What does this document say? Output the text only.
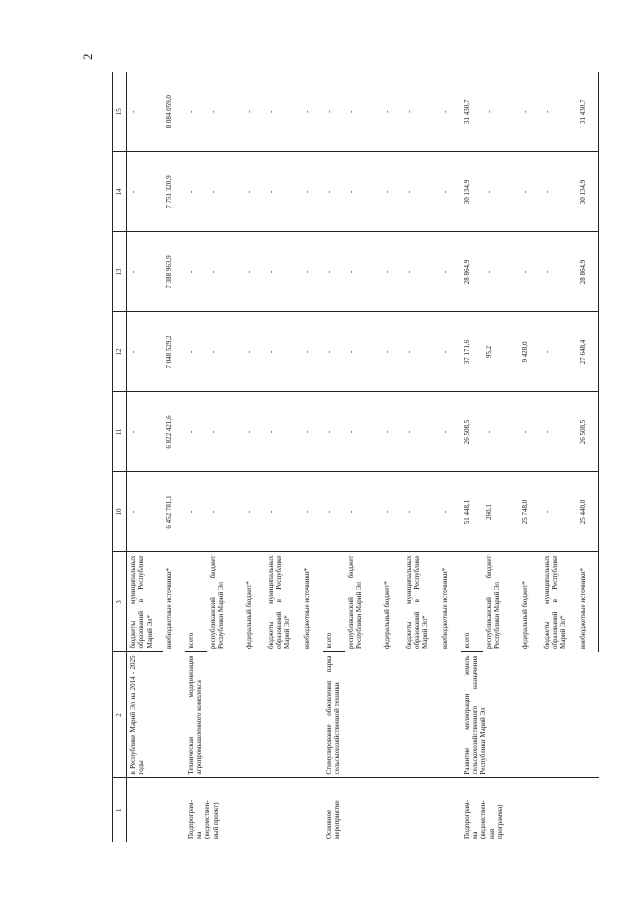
2
1	2	3	10	11	12	13	14	15
	в Республике Марий Эл на 2014 - 2025 годы	бюджеты муниципальных образований в Республике Марий Эл*	-	-	-	-	-	-
		внебюджетные источники*	6 452 781,1	6 822 421,6	7 048 529,2	7 388 963,9	7 751 320,9	8 084 059,0
Подпрограм-
ма
(ведомствен-
ный проект)	Техническая модернизация агропромышленного комплекса	всего	-	-	-	-	-	-
		республиканский бюджет Республики Марий Эл	-	-	-	-	-	-
		федеральный бюджет*	-	-	-	-	-	-
		бюджеты муниципальных образований в Республике Марий Эл*	-	-	-	-	-	-
		внебюджетные источники*	-	-	-	-	-	-
Основное
мероприятие	Стимулирование обновления парка сельскохозяйственной техники	всего	-	-	-	-	-	-
		республиканский бюджет Республики Марий Эл	-	-	-	-	-	-
		федеральный бюджет*	-	-	-	-	-	-
		бюджеты муниципальных образований в Республике Марий Эл*	-	-	-	-	-	-
		внебюджетные источники*	-	-	-	-	-	-
Подпрограм-
ма
(ведомствен-
ная
программа)	Развитие мелиорации земель сельскохозяйственного назначения Республики Марий Эл	всего	51 448,1	26 508,5	37 171,6	28 864,9	30 134,9	31 430,7
		республиканский бюджет Республики Марий Эл	260,1	-	95,2	-	-	-
		федеральный бюджет*	25 748,0	-	9 428,0	-	-	-
		бюджеты муниципальных образований в Республике Марий Эл*	-	-	-	-	-	-
		внебюджетные источники*	25 440,0	26 508,5	27 648,4	28 864,9	30 134,9	31 430,7
